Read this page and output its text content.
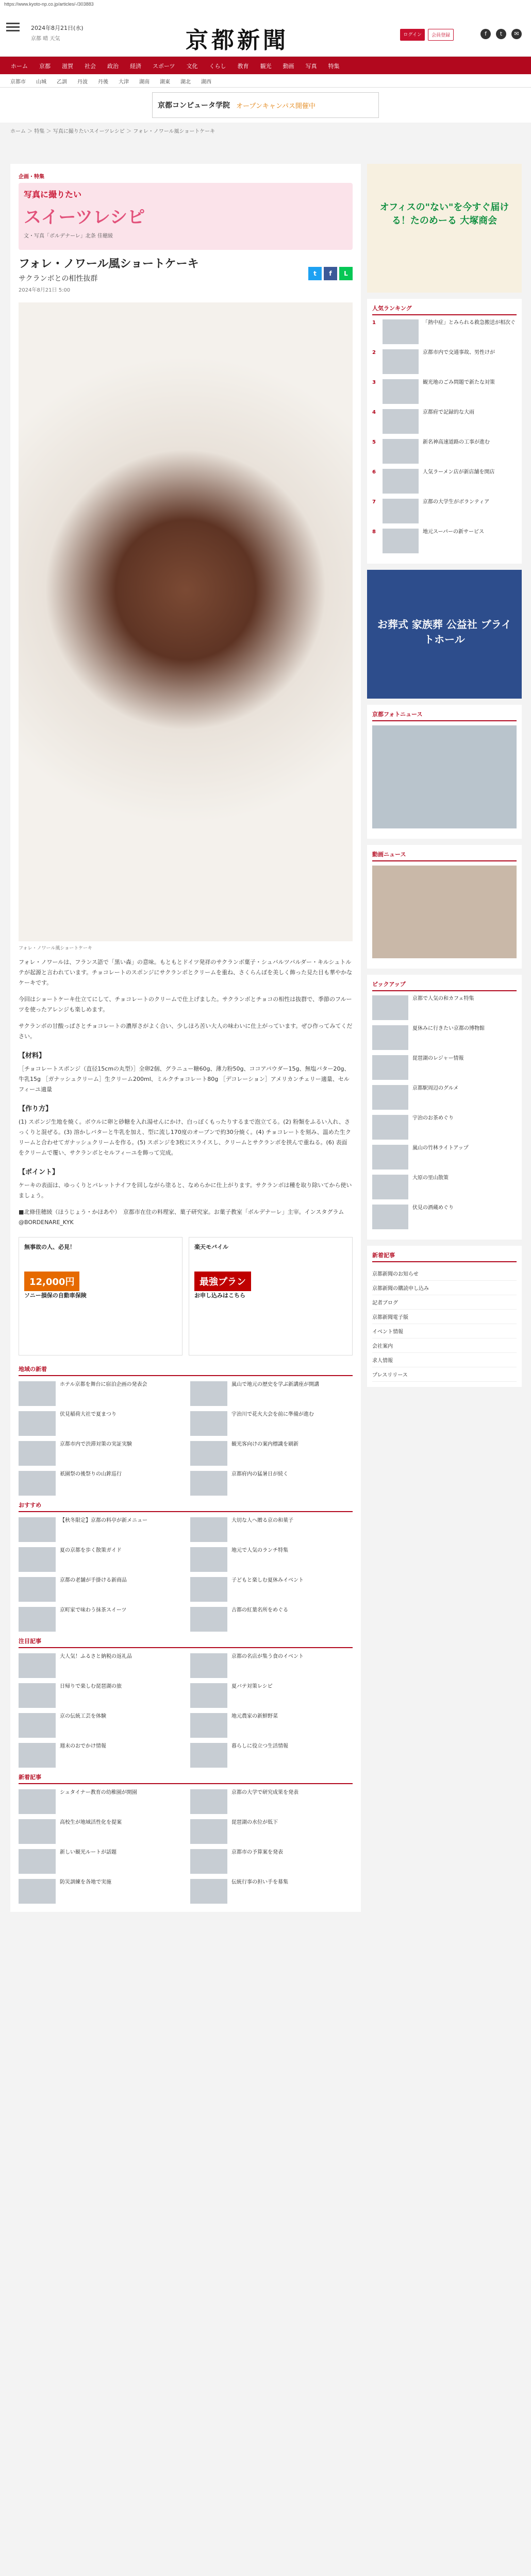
https://www.kyoto-np.co.jp/articles/-/303883
2024年8月21日(水)
京都 晴 天気	京都新聞	ログイン	会員登録	f	t	✉
ホーム	京都	滋賀	社会	政治	経済	スポーツ	文化	くらし	教育	観光	動画	写真	特集
京都市 山城 乙訓 丹波 丹後 大津 湖南 湖東 湖北 湖西
京都コンピュータ学院 オープンキャンパス開催中
ホーム ＞ 特集 ＞ 写真に撮りたいスイーツレシピ ＞ フォレ・ノワール風ショートケーキ
企画・特集
写真に撮りたい
スイーツレシピ
文・写真「ボルデナーレ」北条 佳穂綾
フォレ・ノワール風ショートケーキ
サクランボとの相性抜群
2024年8月21日 5:00
t	f	L
フォレ・ノワール風ショートケーキ

フォレ・ノワールは、フランス語で「黒い森」の意味。もともとドイツ発祥のサクランボ菓子・シュバルツバルダー・キルシュトルテが起源と言われています。チョコレートのスポンジにサクランボとクリームを重ね、さくらんぼを美しく飾った見た目も華やかなケーキです。

今回はショートケーキ仕立てにして、チョコレートのクリームで仕上げました。サクランボとチョコの相性は抜群で、季節のフルーツを使ったアレンジも楽しめます。

サクランボの甘酸っぱさとチョコレートの濃厚さがよく合い、少しほろ苦い大人の味わいに仕上がっています。ぜひ作ってみてください。

【材料】

［チョコレートスポンジ（直径15cmの丸型）］全卵2個、グラニュー糖60g、薄力粉50g、ココアパウダー15g、無塩バター20g、牛乳15g ［ガナッシュクリーム］生クリーム200ml、ミルクチョコレート80g ［デコレーション］アメリカンチェリー適量、セルフィーユ適量

【作り方】

(1) スポンジ生地を焼く。ボウルに卵と砂糖を入れ湯せんにかけ、白っぽくもったりするまで泡立てる。(2) 粉類をふるい入れ、さっくりと混ぜる。(3) 溶かしバターと牛乳を加え、型に流し170度のオーブンで約30分焼く。(4) チョコレートを刻み、温めた生クリームと合わせてガナッシュクリームを作る。(5) スポンジを3枚にスライスし、クリームとサクランボを挟んで重ねる。(6) 表面をクリームで覆い、サクランボとセルフィーユを飾って完成。

【ポイント】

ケーキの表面は、ゆっくりとパレットナイフを回しながら塗ると、なめらかに仕上がります。サクランボは種を取り除いてから使いましょう。

■北條佳穂綾（ほうじょう・かほあや）　京都市在住の料理家、菓子研究家。お菓子教室「ボルデナーレ」主宰。インスタグラム@BORDENARE_KYK

無事故の人、必見！
12,000円
ソニー損保の自動車保険
楽天モバイル
最強プラン
お申し込みはこちら
地域の新着
ホテル京都を舞台に宿泊企画の発表会	嵐山で地元の歴史を学ぶ新講座が開講
伏見稲荷大社で夏まつり	宇治川で花火大会を前に準備が進む
京都市内で渋滞対策の実証実験	観光客向けの案内標識を刷新
祇園祭の後祭りの山鉾巡行	京都府内の猛暑日が続く
おすすめ
【秋冬限定】京都の料亭が新メニュー	大切な人へ贈る京の和菓子
夏の京都を歩く散策ガイド	地元で人気のランチ特集
京都の老舗が手掛ける新商品	子どもと楽しむ夏休みイベント
京町家で味わう抹茶スイーツ	古都の紅葉名所をめぐる
注目記事
大人気！ふるさと納税の返礼品	京都の名店が集う食のイベント
日帰りで楽しむ琵琶湖の旅	夏バテ対策レシピ
京の伝統工芸を体験	地元農家の新鮮野菜
週末のおでかけ情報	暮らしに役立つ生活情報
新着記事
シュタイナー教育の幼稚園が開園	京都の大学で研究成果を発表
高校生が地域活性化を提案	琵琶湖の水位が低下
新しい観光ルートが話題	京都市の予算案を発表
防災訓練を各地で実施	伝統行事の担い手を募集
オフィスの"ない"を今すぐ届ける！たのめーる 大塚商会
人気ランキング
1	「熱中症」とみられる救急搬送が相次ぐ
2	京都市内で交通事故、男性けが
3	観光地のごみ問題で新たな対策
4	京都府で記録的な大雨
5	新名神高速道路の工事が進む
6	人気ラーメン店が新店舗を開店
7	京都の大学生がボランティア
8	地元スーパーの新サービス
お葬式 家族葬 公益社 ブライトホール
京都フォトニュース
動画ニュース
ピックアップ
京都で人気の和カフェ特集
夏休みに行きたい京都の博物館
琵琶湖のレジャー情報
京都駅周辺のグルメ
宇治のお茶めぐり
嵐山の竹林ライトアップ
大原の里山散策
伏見の酒蔵めぐり
新着記事
京都新聞のお知らせ
京都新聞の購読申し込み
記者ブログ
京都新聞電子版
イベント情報
会社案内
求人情報
プレスリリース
